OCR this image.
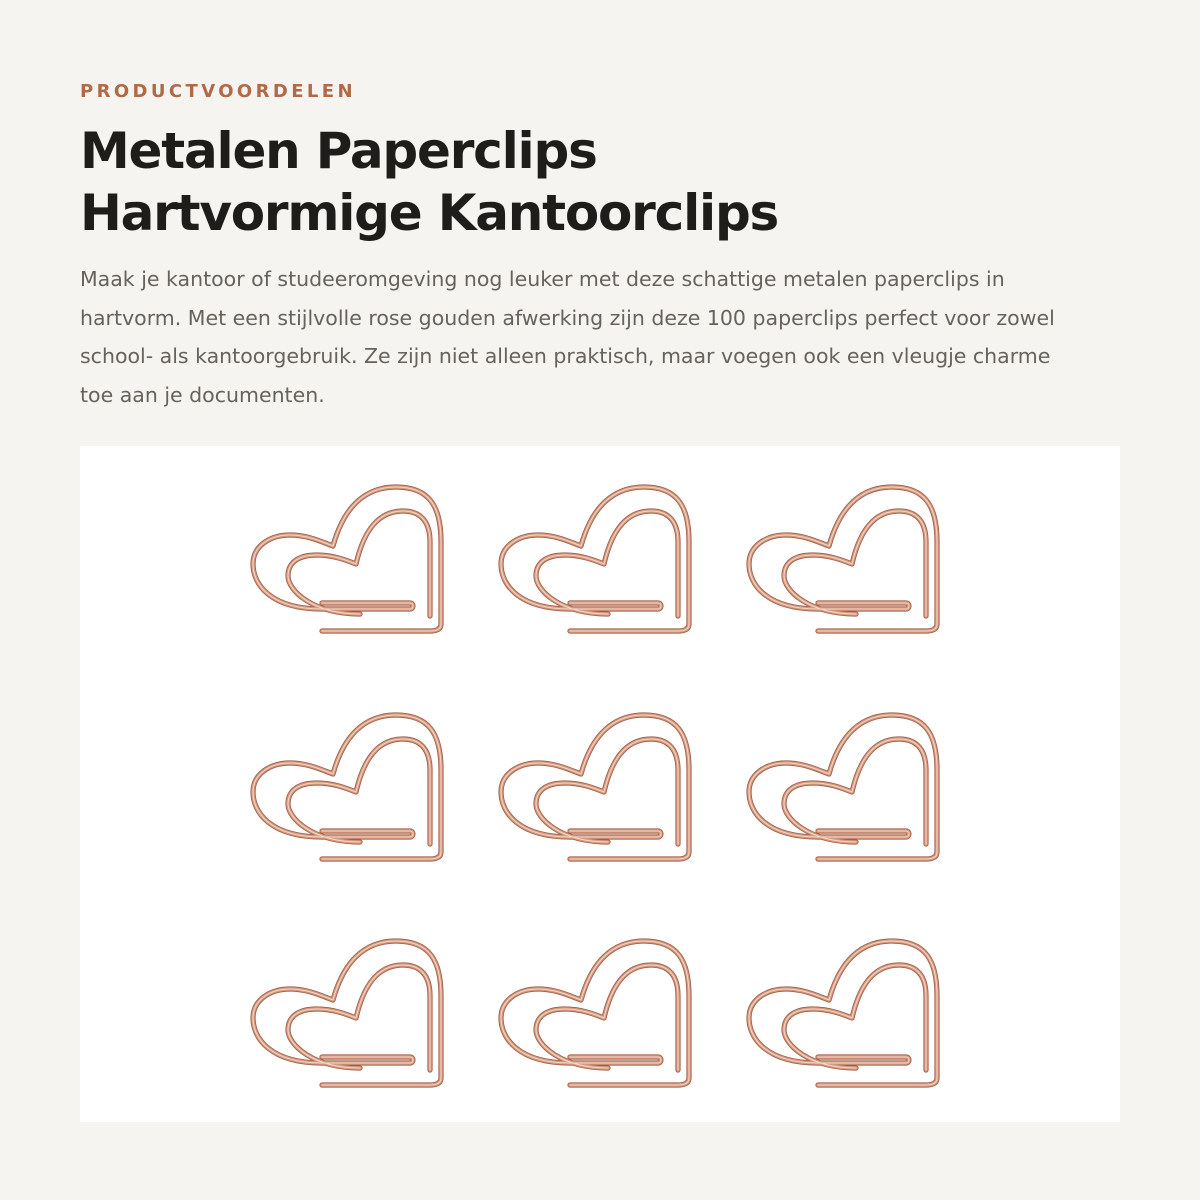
PRODUCTVOORDELEN
Metalen Paperclips
Hartvormige Kantoorclips

Maak je kantoor of studeeromgeving nog leuker met deze schattige metalen paperclips in hartvorm. Met een stijlvolle rose gouden afwerking zijn deze 100 paperclips perfect voor zowel school- als kantoorgebruik. Ze zijn niet alleen praktisch, maar voegen ook een vleugje charme toe aan je documenten.
